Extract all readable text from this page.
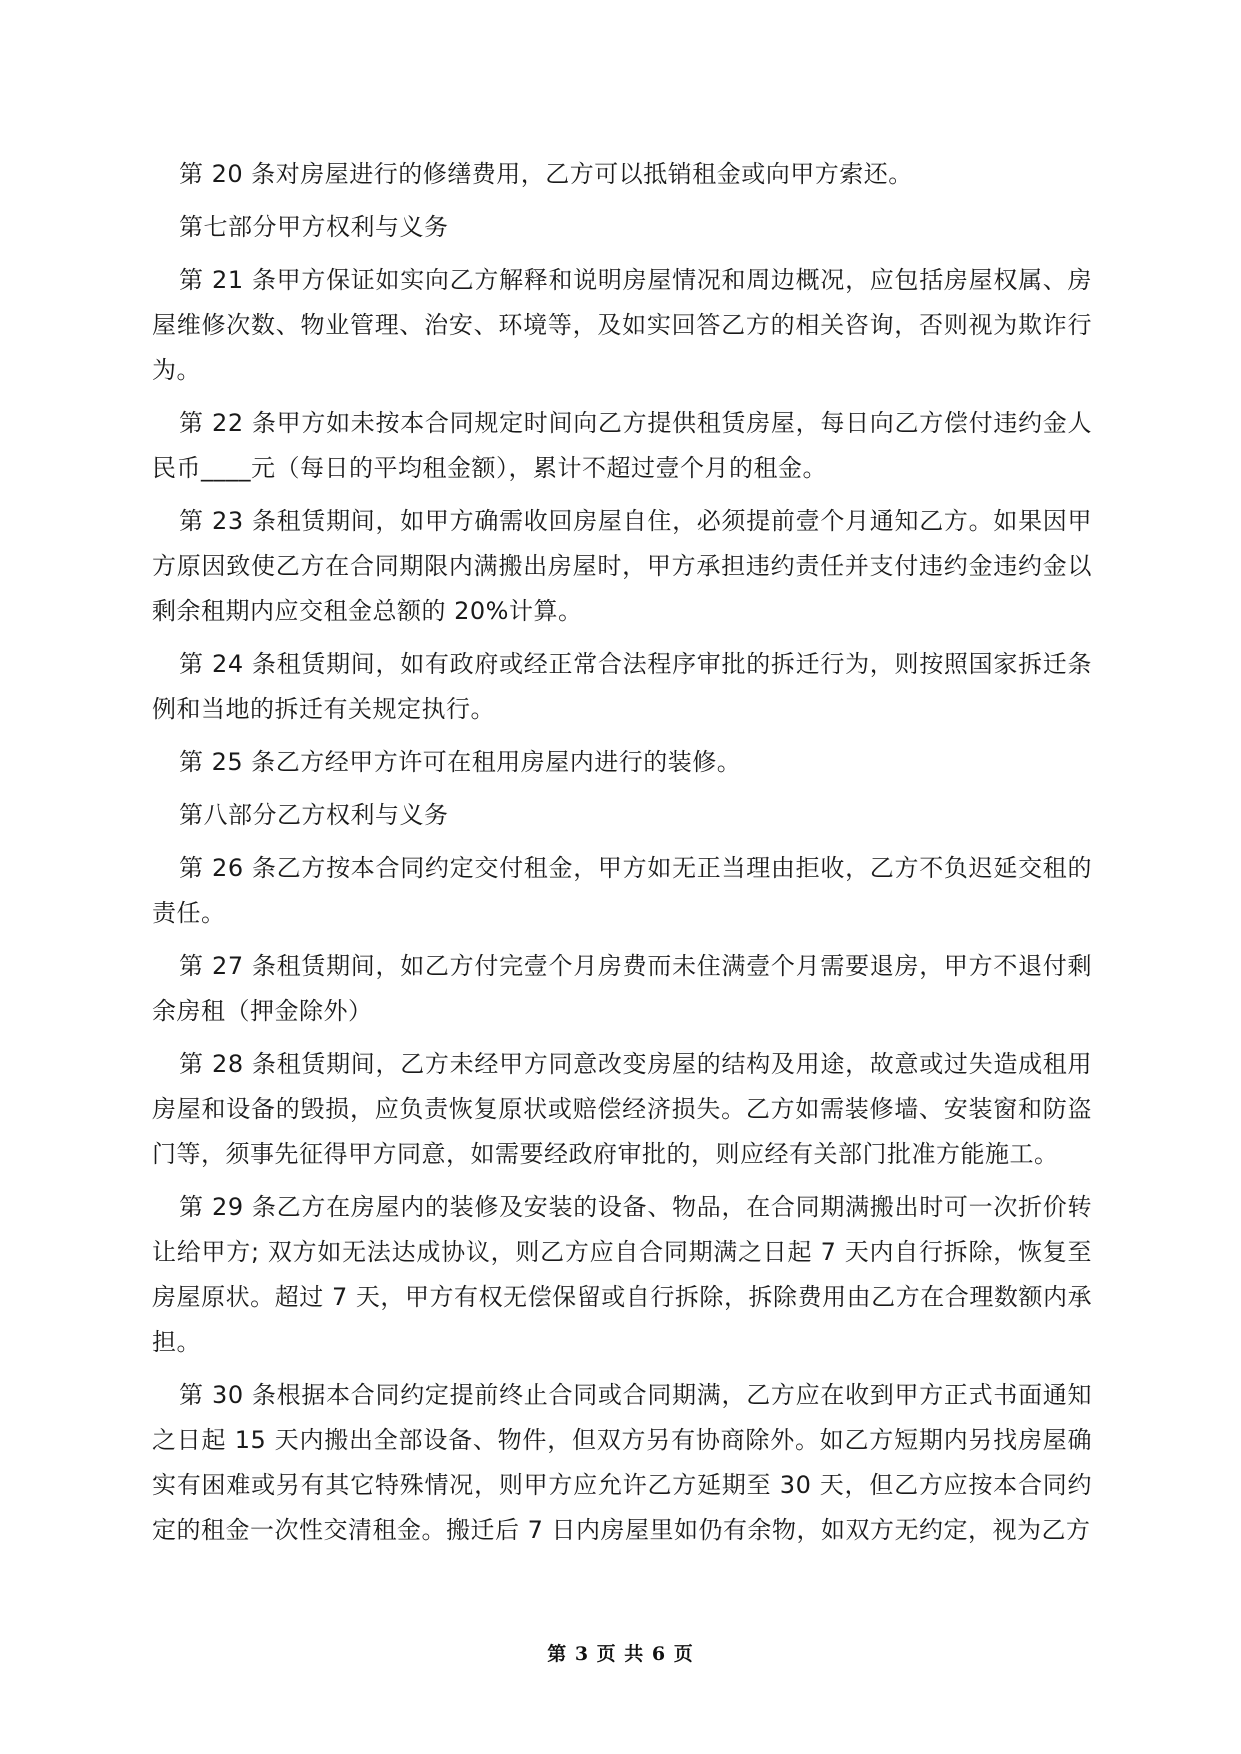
第 20 条对房屋进行的修缮费用，乙方可以抵销租金或向甲方索还。

第七部分甲方权利与义务

第 21 条甲方保证如实向乙方解释和说明房屋情况和周边概况，应包括房屋权属、房屋维修次数、物业管理、治安、环境等，及如实回答乙方的相关咨询，否则视为欺诈行为。

第 22 条甲方如未按本合同规定时间向乙方提供租赁房屋，每日向乙方偿付违约金人民币____元（每日的平均租金额），累计不超过壹个月的租金。

第 23 条租赁期间，如甲方确需收回房屋自住，必须提前壹个月通知乙方。如果因甲方原因致使乙方在合同期限内满搬出房屋时，甲方承担违约责任并支付违约金违约金以剩余租期内应交租金总额的 20%计算。

第 24 条租赁期间，如有政府或经正常合法程序审批的拆迁行为，则按照国家拆迁条例和当地的拆迁有关规定执行。

第 25 条乙方经甲方许可在租用房屋内进行的装修。

第八部分乙方权利与义务

第 26 条乙方按本合同约定交付租金，甲方如无正当理由拒收，乙方不负迟延交租的责任。

第 27 条租赁期间，如乙方付完壹个月房费而未住满壹个月需要退房，甲方不退付剩余房租（押金除外）

第 28 条租赁期间，乙方未经甲方同意改变房屋的结构及用途，故意或过失造成租用房屋和设备的毁损，应负责恢复原状或赔偿经济损失。乙方如需装修墙、安装窗和防盗门等，须事先征得甲方同意，如需要经政府审批的，则应经有关部门批准方能施工。

第 29 条乙方在房屋内的装修及安装的设备、物品，在合同期满搬出时可一次折价转让给甲方; 双方如无法达成协议，则乙方应自合同期满之日起 7 天内自行拆除，恢复至房屋原状。超过 7 天，甲方有权无偿保留或自行拆除，拆除费用由乙方在合理数额内承担。

第 30 条根据本合同约定提前终止合同或合同期满，乙方应在收到甲方正式书面通知之日起 15 天内搬出全部设备、物件，但双方另有协商除外。如乙方短期内另找房屋确实有困难或另有其它特殊情况，则甲方应允许乙方延期至 30 天，但乙方应按本合同约定的租金一次性交清租金。搬迁后 7 日内房屋里如仍有余物，如双方无约定，视为乙方

第 3 页 共 6 页
